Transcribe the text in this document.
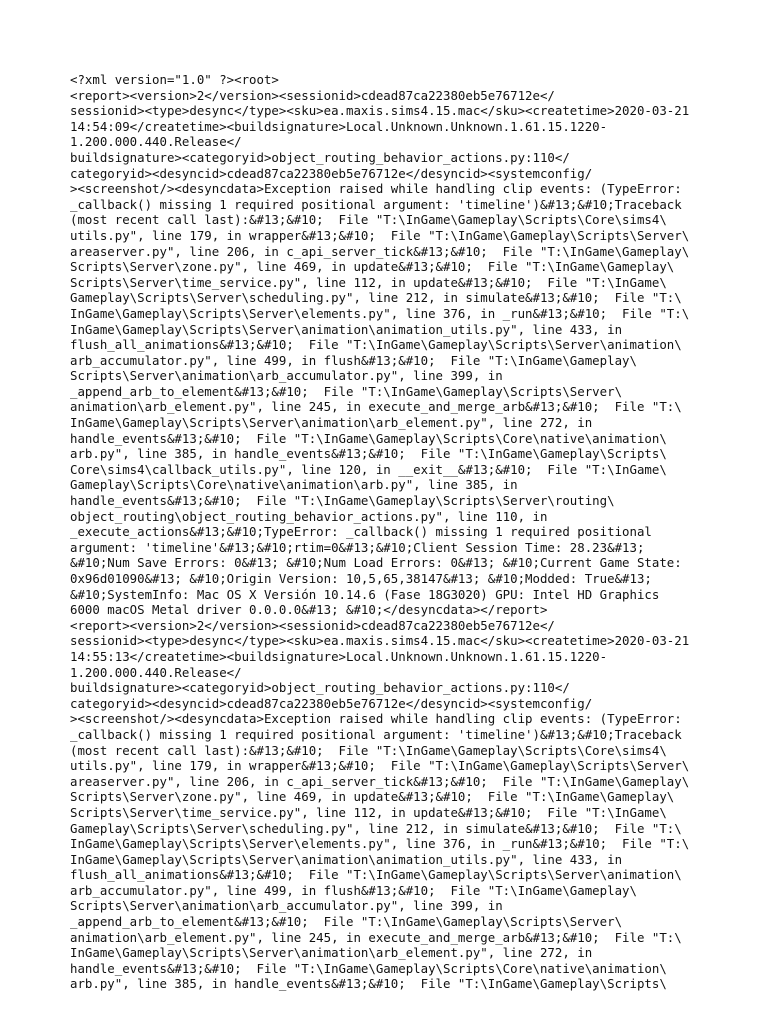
<?xml version="1.0" ?><root>
<report><version>2</version><sessionid>cdead87ca22380eb5e76712e</
sessionid><type>desync</type><sku>ea.maxis.sims4.15.mac</sku><createtime>2020-03-21
14:54:09</createtime><buildsignature>Local.Unknown.Unknown.1.61.15.1220-
1.200.000.440.Release</
buildsignature><categoryid>object_routing_behavior_actions.py:110</
categoryid><desyncid>cdead87ca22380eb5e76712e</desyncid><systemconfig/
><screenshot/><desyncdata>Exception raised while handling clip events: (TypeError:
_callback() missing 1 required positional argument: 'timeline')&#13;&#10;Traceback
(most recent call last):&#13;&#10;  File "T:\InGame\Gameplay\Scripts\Core\sims4\
utils.py", line 179, in wrapper&#13;&#10;  File "T:\InGame\Gameplay\Scripts\Server\
areaserver.py", line 206, in c_api_server_tick&#13;&#10;  File "T:\InGame\Gameplay\
Scripts\Server\zone.py", line 469, in update&#13;&#10;  File "T:\InGame\Gameplay\
Scripts\Server\time_service.py", line 112, in update&#13;&#10;  File "T:\InGame\
Gameplay\Scripts\Server\scheduling.py", line 212, in simulate&#13;&#10;  File "T:\
InGame\Gameplay\Scripts\Server\elements.py", line 376, in _run&#13;&#10;  File "T:\
InGame\Gameplay\Scripts\Server\animation\animation_utils.py", line 433, in
flush_all_animations&#13;&#10;  File "T:\InGame\Gameplay\Scripts\Server\animation\
arb_accumulator.py", line 499, in flush&#13;&#10;  File "T:\InGame\Gameplay\
Scripts\Server\animation\arb_accumulator.py", line 399, in
_append_arb_to_element&#13;&#10;  File "T:\InGame\Gameplay\Scripts\Server\
animation\arb_element.py", line 245, in execute_and_merge_arb&#13;&#10;  File "T:\
InGame\Gameplay\Scripts\Server\animation\arb_element.py", line 272, in
handle_events&#13;&#10;  File "T:\InGame\Gameplay\Scripts\Core\native\animation\
arb.py", line 385, in handle_events&#13;&#10;  File "T:\InGame\Gameplay\Scripts\
Core\sims4\callback_utils.py", line 120, in __exit__&#13;&#10;  File "T:\InGame\
Gameplay\Scripts\Core\native\animation\arb.py", line 385, in
handle_events&#13;&#10;  File "T:\InGame\Gameplay\Scripts\Server\routing\
object_routing\object_routing_behavior_actions.py", line 110, in
_execute_actions&#13;&#10;TypeError: _callback() missing 1 required positional
argument: 'timeline'&#13;&#10;rtim=0&#13;&#10;Client Session Time: 28.23&#13;
&#10;Num Save Errors: 0&#13; &#10;Num Load Errors: 0&#13; &#10;Current Game State:
0x96d01090&#13; &#10;Origin Version: 10,5,65,38147&#13; &#10;Modded: True&#13;
&#10;SystemInfo: Mac OS X Versión 10.14.6 (Fase 18G3020) GPU: Intel HD Graphics
6000 macOS Metal driver 0.0.0.0&#13; &#10;</desyncdata></report>
<report><version>2</version><sessionid>cdead87ca22380eb5e76712e</
sessionid><type>desync</type><sku>ea.maxis.sims4.15.mac</sku><createtime>2020-03-21
14:55:13</createtime><buildsignature>Local.Unknown.Unknown.1.61.15.1220-
1.200.000.440.Release</
buildsignature><categoryid>object_routing_behavior_actions.py:110</
categoryid><desyncid>cdead87ca22380eb5e76712e</desyncid><systemconfig/
><screenshot/><desyncdata>Exception raised while handling clip events: (TypeError:
_callback() missing 1 required positional argument: 'timeline')&#13;&#10;Traceback
(most recent call last):&#13;&#10;  File "T:\InGame\Gameplay\Scripts\Core\sims4\
utils.py", line 179, in wrapper&#13;&#10;  File "T:\InGame\Gameplay\Scripts\Server\
areaserver.py", line 206, in c_api_server_tick&#13;&#10;  File "T:\InGame\Gameplay\
Scripts\Server\zone.py", line 469, in update&#13;&#10;  File "T:\InGame\Gameplay\
Scripts\Server\time_service.py", line 112, in update&#13;&#10;  File "T:\InGame\
Gameplay\Scripts\Server\scheduling.py", line 212, in simulate&#13;&#10;  File "T:\
InGame\Gameplay\Scripts\Server\elements.py", line 376, in _run&#13;&#10;  File "T:\
InGame\Gameplay\Scripts\Server\animation\animation_utils.py", line 433, in
flush_all_animations&#13;&#10;  File "T:\InGame\Gameplay\Scripts\Server\animation\
arb_accumulator.py", line 499, in flush&#13;&#10;  File "T:\InGame\Gameplay\
Scripts\Server\animation\arb_accumulator.py", line 399, in
_append_arb_to_element&#13;&#10;  File "T:\InGame\Gameplay\Scripts\Server\
animation\arb_element.py", line 245, in execute_and_merge_arb&#13;&#10;  File "T:\
InGame\Gameplay\Scripts\Server\animation\arb_element.py", line 272, in
handle_events&#13;&#10;  File "T:\InGame\Gameplay\Scripts\Core\native\animation\
arb.py", line 385, in handle_events&#13;&#10;  File "T:\InGame\Gameplay\Scripts\
